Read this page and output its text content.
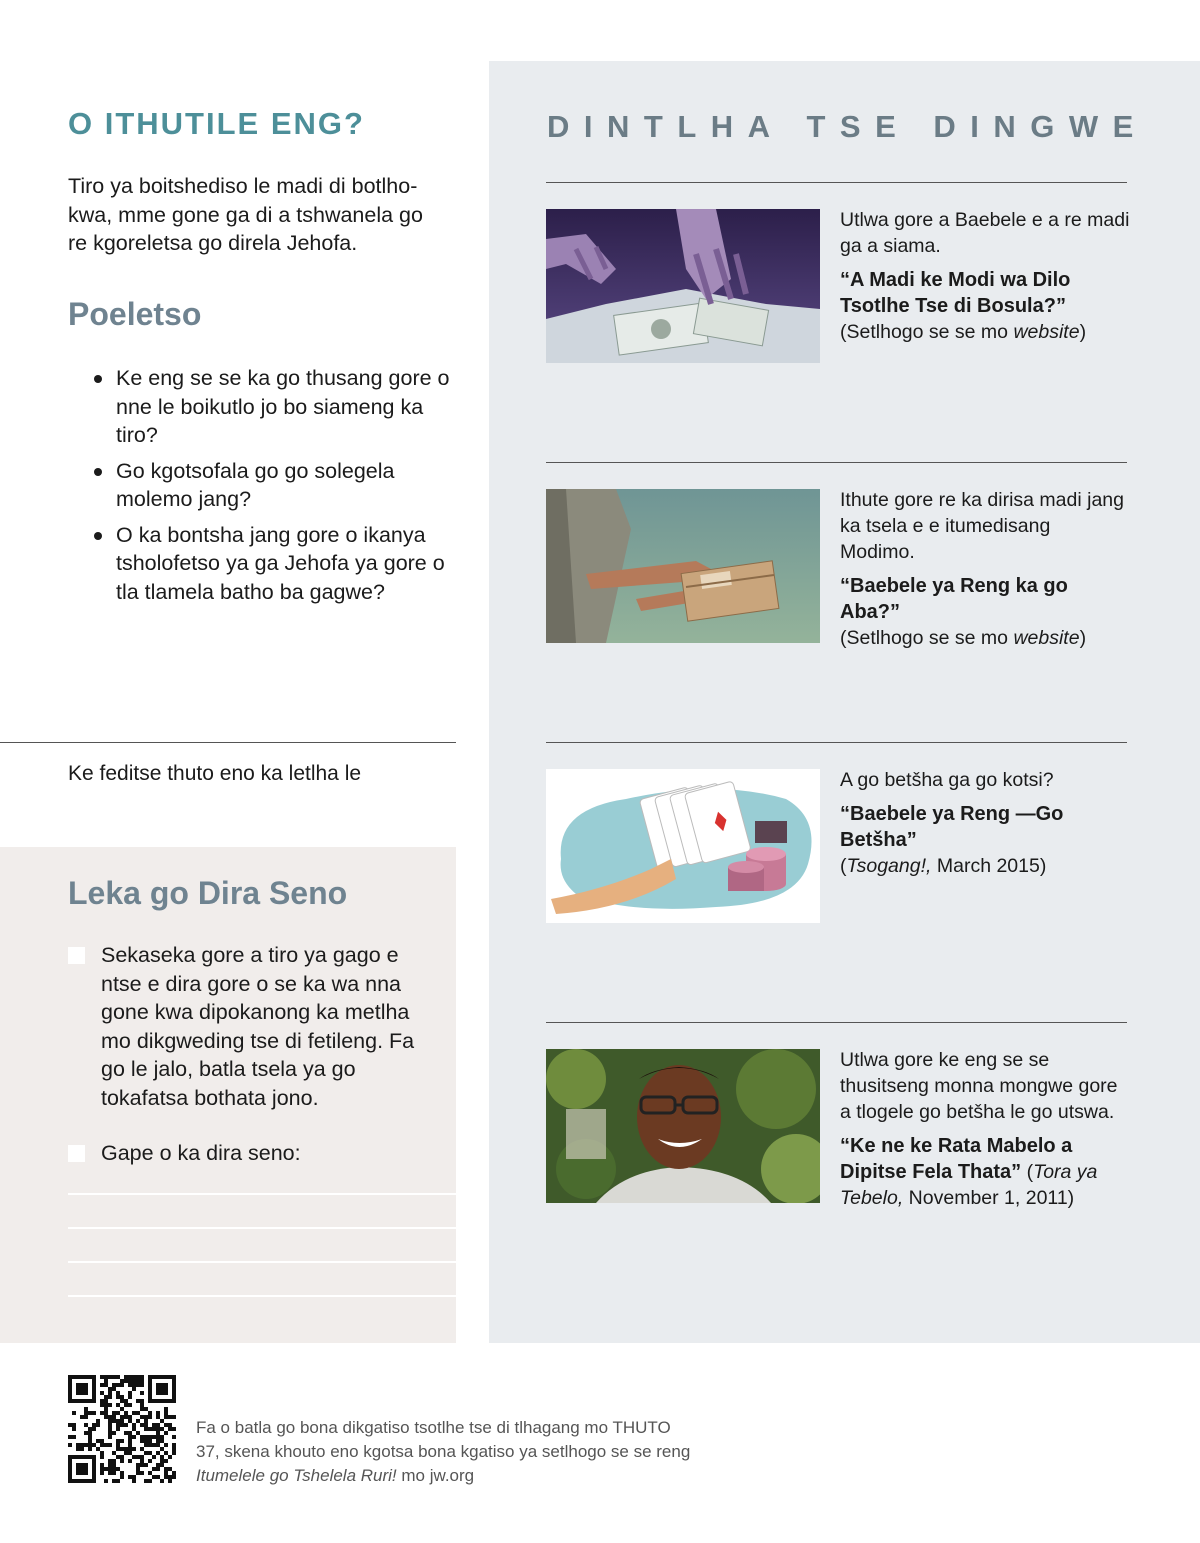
O ITHUTILE ENG?

Tiro ya boitshediso le madi di botlhokwa, mme gone ga di a tshwanela go re kgoreletsa go direla Jehofa.

Poeletso
Ke eng se se ka go thusang gore o nne le boikutlo jo bo siameng ka tiro?
Go kgotsofala go go solegela molemo jang?
O ka bontsha jang gore o ikanya tsholofetso ya ga Jehofa ya gore o tla tlamela batho ba gagwe?

Ke feditse thuto eno ka letlha le

Leka go Dira Seno
Sekaseka gore a tiro ya gago e ntse e dira gore o se ka wa nna gone kwa dipokanong ka metlha mo dikgweding tse di fetileng. Fa go le jalo, batla tsela ya go tokafatsa bothata jono.
Gape o ka dira seno:
DINTLHA TSE DINGWE
Utlwa gore a Baebele e a re madi ga a siama.
“A Madi ke Modi wa Dilo Tsotlhe Tse di Bosula?”
(Setlhogo se se mo website)
Ithute gore re ka dirisa madi jang ka tsela e e itumedisang Modimo.
“Baebele ya Reng ka go Aba?”
(Setlhogo se se mo website)
A go betšha ga go kotsi?
“Baebele ya Reng —Go Betšha”
(Tsogang!, March 2015)
Utlwa gore ke eng se se thusitseng monna mongwe gore a tlogele go betšha le go utswa.
“Ke ne ke Rata Mabelo a Dipitse Fela Thata” (Tora ya Tebelo, November 1, 2011)

Fa o batla go bona dikgatiso tsotlhe tse di tlhagang mo THUTO 37, skena khouto eno kgotsa bona kgatiso ya setlhogo se se reng Itumelele go Tshelela Ruri! mo jw.org
